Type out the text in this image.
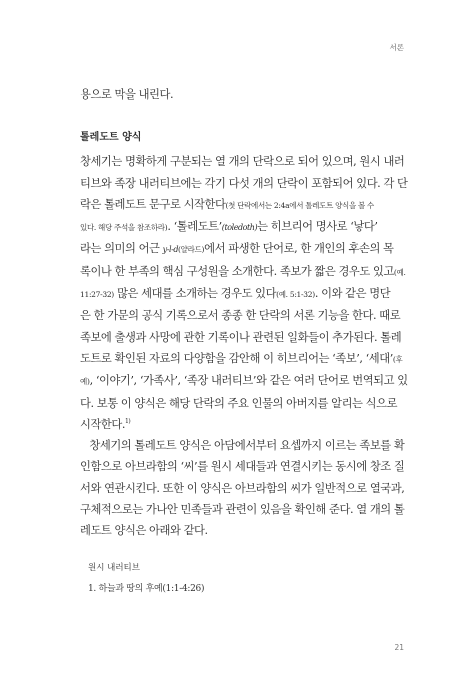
서론
용으로 막을 내린다.
톨레도트 양식
창세기는 명확하게 구분되는 열 개의 단락으로 되어 있으며, 원시 내러
티브와 족장 내러티브에는 각기 다섯 개의 단락이 포함되어 있다. 각 단
락은 톨레도트 문구로 시작한다(첫 단락에서는 2:4a에서 톨레도트 양식을 볼 수
있다. 해당 주석을 참조하라). ‘톨레도트’(toledoth)는 히브리어 명사로 ‘낳다’
라는 의미의 어근 y-l-d(얄라드)에서 파생한 단어로, 한 개인의 후손의 목
록이나 한 부족의 핵심 구성원을 소개한다. 족보가 짧은 경우도 있고(예.
11:27-32) 많은 세대를 소개하는 경우도 있다(예. 5:1-32). 이와 같은 명단
은 한 가문의 공식 기록으로서 종종 한 단락의 서론 기능을 한다. 때로
족보에 출생과 사망에 관한 기록이나 관련된 일화들이 추가된다. 톨레
도트로 확인된 자료의 다양함을 감안해 이 히브리어는 ‘족보’, ‘세대’(후
예), ‘이야기’, ‘가족사’, ‘족장 내러티브’와 같은 여러 단어로 번역되고 있
다. 보통 이 양식은 해당 단락의 주요 인물의 아버지를 알리는 식으로
시작한다.$^{1)}$
창세기의 톨레도트 양식은 아담에서부터 요셉까지 이르는 족보를 확
인함으로 아브라함의 ‘씨’를 원시 세대들과 연결시키는 동시에 창조 질
서와 연관시킨다. 또한 이 양식은 아브라함의 씨가 일반적으로 열국과,
구체적으로는 가나안 민족들과 관련이 있음을 확인해 준다. 열 개의 톨
레도트 양식은 아래와 같다.
원시 내러티브
1. 하늘과 땅의 후예(1:1-4:26)
21
